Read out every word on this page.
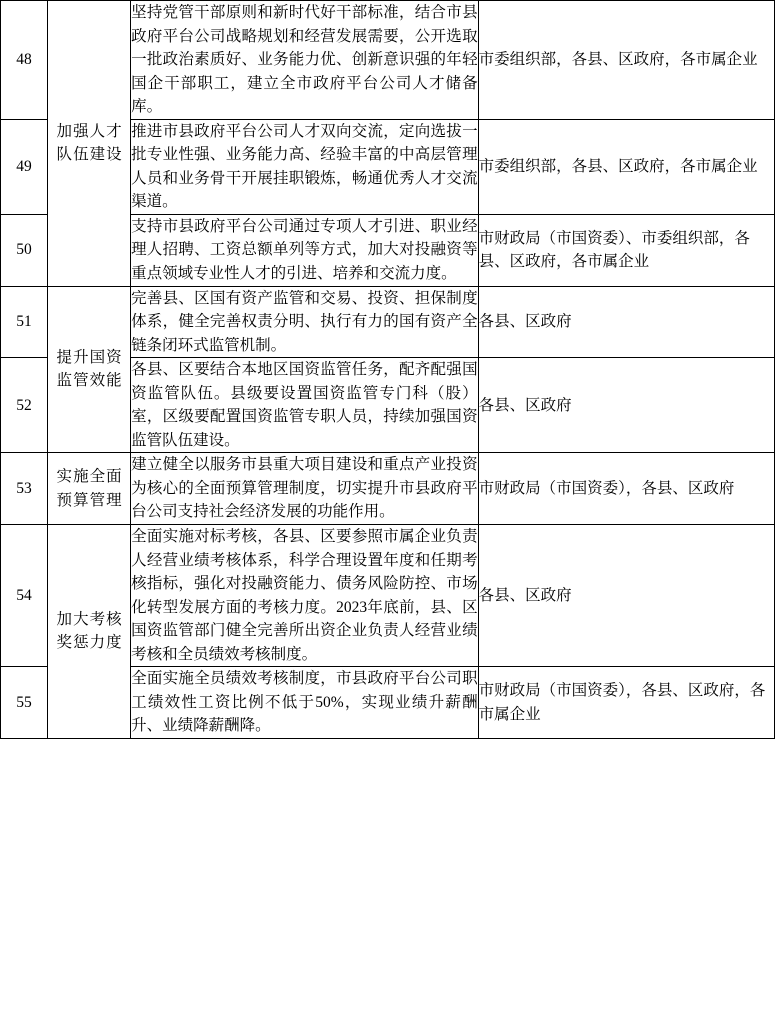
48	加强人才队伍建设	坚持党管干部原则和新时代好干部标准，结合市县政府平台公司战略规划和经营发展需要，公开选取一批政治素质好、业务能力优、创新意识强的年轻国企干部职工，建立全市政府平台公司人才储备库。	市委组织部，各县、区政府，各市属企业
49		推进市县政府平台公司人才双向交流，定向选拔一批专业性强、业务能力高、经验丰富的中高层管理人员和业务骨干开展挂职锻炼，畅通优秀人才交流渠道。	市委组织部，各县、区政府，各市属企业
50		支持市县政府平台公司通过专项人才引进、职业经理人招聘、工资总额单列等方式，加大对投融资等重点领域专业性人才的引进、培养和交流力度。	市财政局（市国资委）、市委组织部，各县、区政府，各市属企业
51	提升国资监管效能	完善县、区国有资产监管和交易、投资、担保制度体系，健全完善权责分明、执行有力的国有资产全链条闭环式监管机制。	各县、区政府
52		各县、区要结合本地区国资监管任务，配齐配强国资监管队伍。县级要设置国资监管专门科（股）室，区级要配置国资监管专职人员，持续加强国资监管队伍建设。	各县、区政府
53	实施全面预算管理	建立健全以服务市县重大项目建设和重点产业投资为核心的全面预算管理制度，切实提升市县政府平台公司支持社会经济发展的功能作用。	市财政局（市国资委），各县、区政府
54	加大考核奖惩力度	全面实施对标考核，各县、区要参照市属企业负责人经营业绩考核体系，科学合理设置年度和任期考核指标，强化对投融资能力、债务风险防控、市场化转型发展方面的考核力度。2023年底前，县、区国资监管部门健全完善所出资企业负责人经营业绩考核和全员绩效考核制度。	各县、区政府
55		全面实施全员绩效考核制度，市县政府平台公司职工绩效性工资比例不低于50%，实现业绩升薪酬升、业绩降薪酬降。	市财政局（市国资委），各县、区政府，各市属企业
